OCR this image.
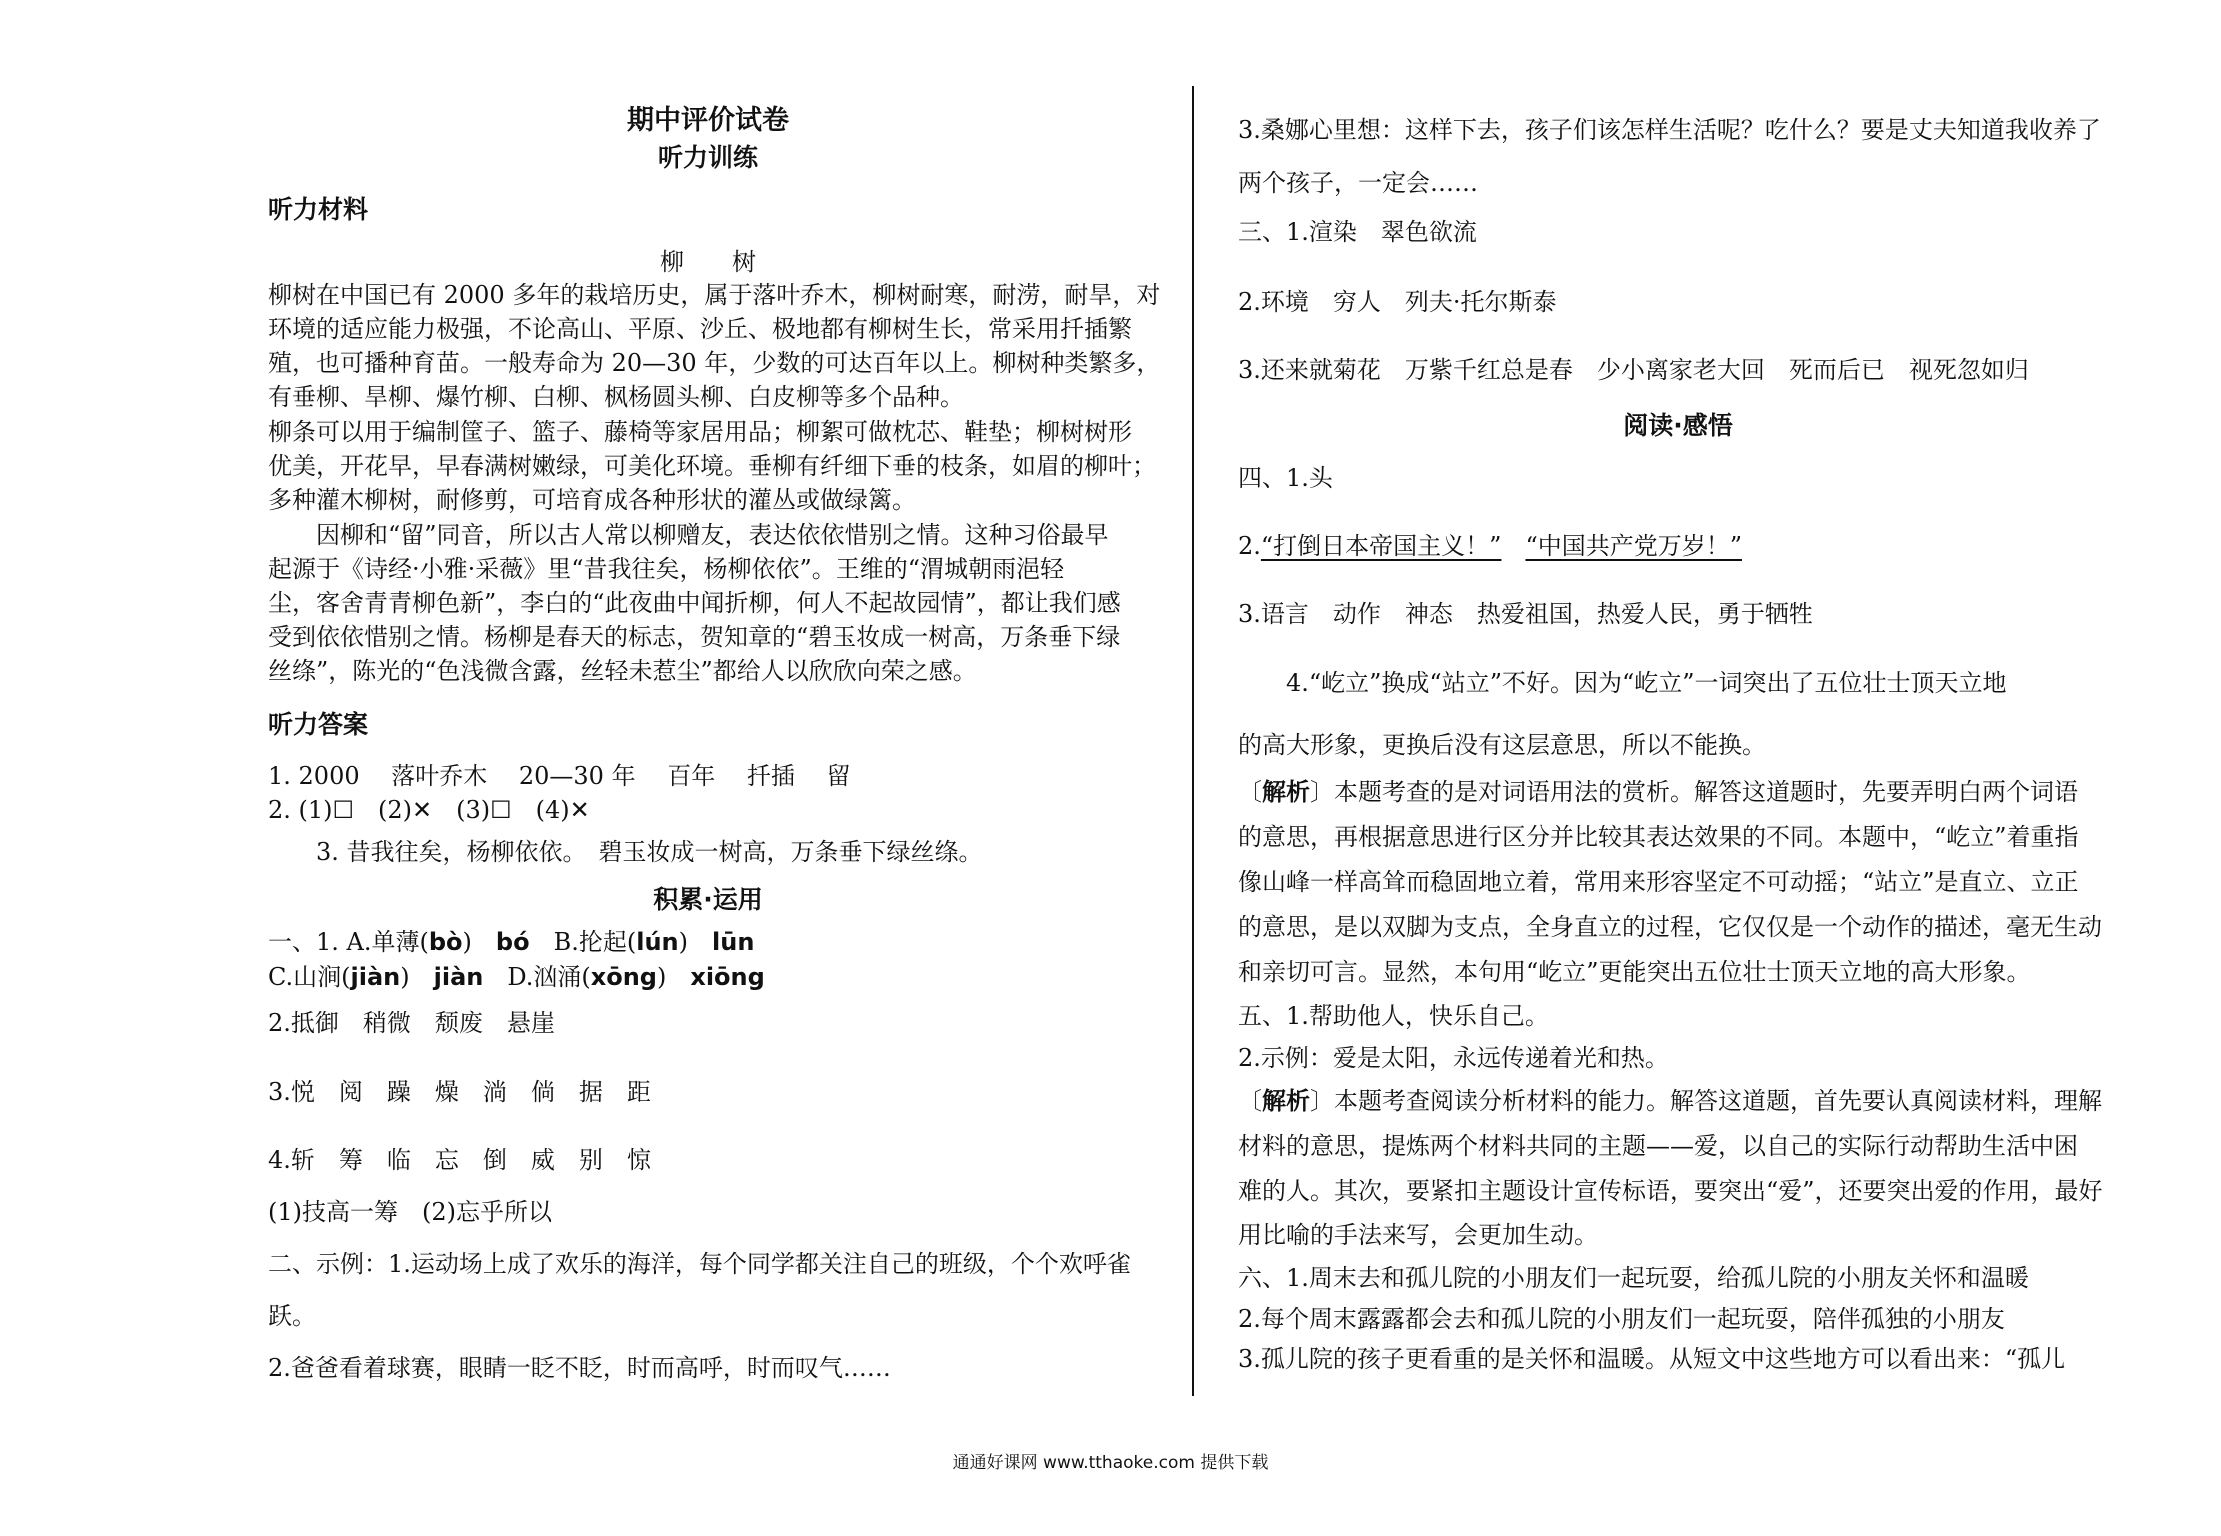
期中评价试卷
听力训练
听力材料
柳　　树
柳树在中国已有 2000 多年的栽培历史，属于落叶乔木，柳树耐寒，耐涝，耐旱，对
环境的适应能力极强，不论高山、平原、沙丘、极地都有柳树生长，常采用扦插繁
殖，也可播种育苗。一般寿命为 20—30 年，少数的可达百年以上。柳树种类繁多，
有垂柳、旱柳、爆竹柳、白柳、枫杨圆头柳、白皮柳等多个品种。
柳条可以用于编制筐子、篮子、藤椅等家居用品；柳絮可做枕芯、鞋垫；柳树树形
优美，开花早，早春满树嫩绿，可美化环境。垂柳有纤细下垂的枝条，如眉的柳叶；
多种灌木柳树，耐修剪，可培育成各种形状的灌丛或做绿篱。
　　因柳和“留”同音，所以古人常以柳赠友，表达依依惜别之情。这种习俗最早
起源于《诗经·小雅·采薇》里“昔我往矣，杨柳依依”。王维的“渭城朝雨浥轻
尘，客舍青青柳色新”，李白的“此夜曲中闻折柳，何人不起故园情”，都让我们感
受到依依惜别之情。杨柳是春天的标志，贺知章的“碧玉妆成一树高，万条垂下绿
丝绦”，陈光的“色浅微含露，丝轻未惹尘”都给人以欣欣向荣之感。
听力答案
1. 2000　 落叶乔木　 20—30 年　 百年　 扦插　 留
2. (1)☐　(2)✕　(3)☐　(4)✕
　　3. 昔我往矣，杨柳依依。　碧玉妆成一树高，万条垂下绿丝绦。
积累·运用
一、1. A.单薄(bò)　bó　B.抡起(lún)　lūn
C.山涧(jiàn)　jiàn　D.汹涌(xōng)　xiōng
2.抵御　稍微　颓废　悬崖
3.悦　阅　躁　燥　淌　倘　据　距
4.斩　筹　临　忘　倒　威　别　惊
(1)技高一筹　(2)忘乎所以
二、示例：1.运动场上成了欢乐的海洋，每个同学都关注自己的班级，个个欢呼雀
跃。
2.爸爸看着球赛，眼睛一眨不眨，时而高呼，时而叹气……
3.桑娜心里想：这样下去，孩子们该怎样生活呢？吃什么？要是丈夫知道我收养了
两个孩子，一定会……
三、1.渲染　翠色欲流
2.环境　穷人　列夫·托尔斯泰
3.还来就菊花　万紫千红总是春　少小离家老大回　死而后已　视死忽如归
阅读·感悟
四、1.头
2.“打倒日本帝国主义！”　 “中国共产党万岁！”
3.语言　动作　神态　热爱祖国，热爱人民，勇于牺牲
　　4.“屹立”换成“站立”不好。因为“屹立”一词突出了五位壮士顶天立地
的高大形象，更换后没有这层意思，所以不能换。
〔解析〕本题考查的是对词语用法的赏析。解答这道题时，先要弄明白两个词语
的意思，再根据意思进行区分并比较其表达效果的不同。本题中，“屹立”着重指
像山峰一样高耸而稳固地立着，常用来形容坚定不可动摇；“站立”是直立、立正
的意思，是以双脚为支点，全身直立的过程，它仅仅是一个动作的描述，毫无生动
和亲切可言。显然，本句用“屹立”更能突出五位壮士顶天立地的高大形象。
五、1.帮助他人，快乐自己。
2.示例：爱是太阳，永远传递着光和热。
〔解析〕本题考查阅读分析材料的能力。解答这道题，首先要认真阅读材料，理解
材料的意思，提炼两个材料共同的主题——爱，以自己的实际行动帮助生活中困
难的人。其次，要紧扣主题设计宣传标语，要突出“爱”，还要突出爱的作用，最好
用比喻的手法来写，会更加生动。
六、1.周末去和孤儿院的小朋友们一起玩耍，给孤儿院的小朋友关怀和温暖
2.每个周末露露都会去和孤儿院的小朋友们一起玩耍，陪伴孤独的小朋友
3.孤儿院的孩子更看重的是关怀和温暖。从短文中这些地方可以看出来：“孤儿
通通好课网 www.tthaoke.com 提供下载
